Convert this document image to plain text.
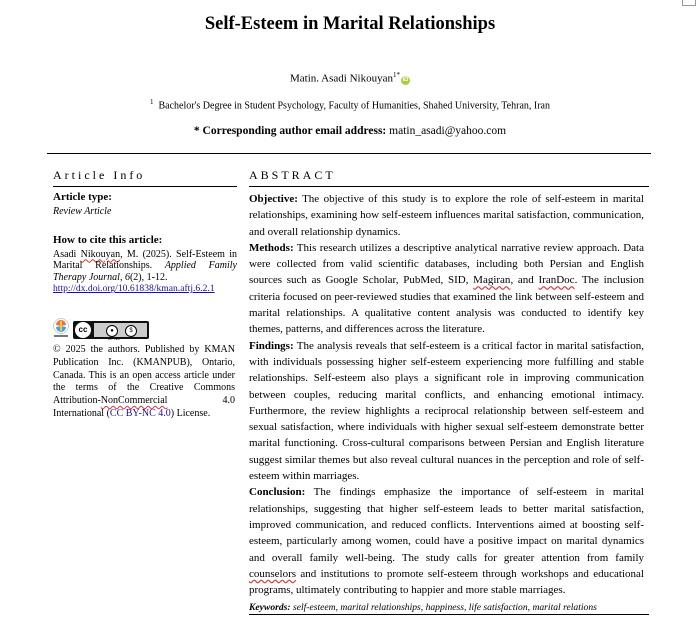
Self-Esteem in Marital Relationships
Matin. Asadi Nikouyan$^{1*}$iD
$^1$ Bachelor's Degree in Student Psychology, Faculty of Humanities, Shahed University, Tehran, Iran
* Corresponding author email address: matin_asadi@yahoo.com
Article Info	ABSTRACT
Article type:
Review Article
How to cite this article:
Asadi Nikouyan, M. (2025). Self-Esteem in Marital Relationships. Applied Family Therapy Journal, 6(2), 1-12.
http://dx.doi.org/10.61838/kman.aftj.6.2.1
cc	●	$
BY NC
© 2025 the authors. Published by KMAN Publication Inc. (KMANPUB), Ontario, Canada. This is an open access article under the terms of the Creative Commons Attribution-NonCommercial 4.0 International (CC BY-NC 4.0) License.
Objective: The objective of this study is to explore the role of self-esteem in marital relationships, examining how self-esteem influences marital satisfaction, communication, and overall relationship dynamics.
Methods: This research utilizes a descriptive analytical narrative review approach. Data were collected from valid scientific databases, including both Persian and English sources such as Google Scholar, PubMed, SID, Magiran, and IranDoc. The inclusion criteria focused on peer-reviewed studies that examined the link between self-esteem and marital relationships. A qualitative content analysis was conducted to identify key themes, patterns, and differences across the literature.
Findings: The analysis reveals that self-esteem is a critical factor in marital satisfaction, with individuals possessing higher self-esteem experiencing more fulfilling and stable relationships. Self-esteem also plays a significant role in improving communication between couples, reducing marital conflicts, and enhancing emotional intimacy. Furthermore, the review highlights a reciprocal relationship between self-esteem and sexual satisfaction, where individuals with higher sexual self-esteem demonstrate better marital functioning. Cross-cultural comparisons between Persian and English literature suggest similar themes but also reveal cultural nuances in the perception and role of self-esteem within marriages.
Conclusion: The findings emphasize the importance of self-esteem in marital relationships, suggesting that higher self-esteem leads to better marital satisfaction, improved communication, and reduced conflicts. Interventions aimed at boosting self-esteem, particularly among women, could have a positive impact on marital dynamics and overall family well-being. The study calls for greater attention from family counselors and institutions to promote self-esteem through workshops and educational programs, ultimately contributing to happier and more stable marriages.
Keywords: self-esteem, marital relationships, happiness, life satisfaction, marital relations
